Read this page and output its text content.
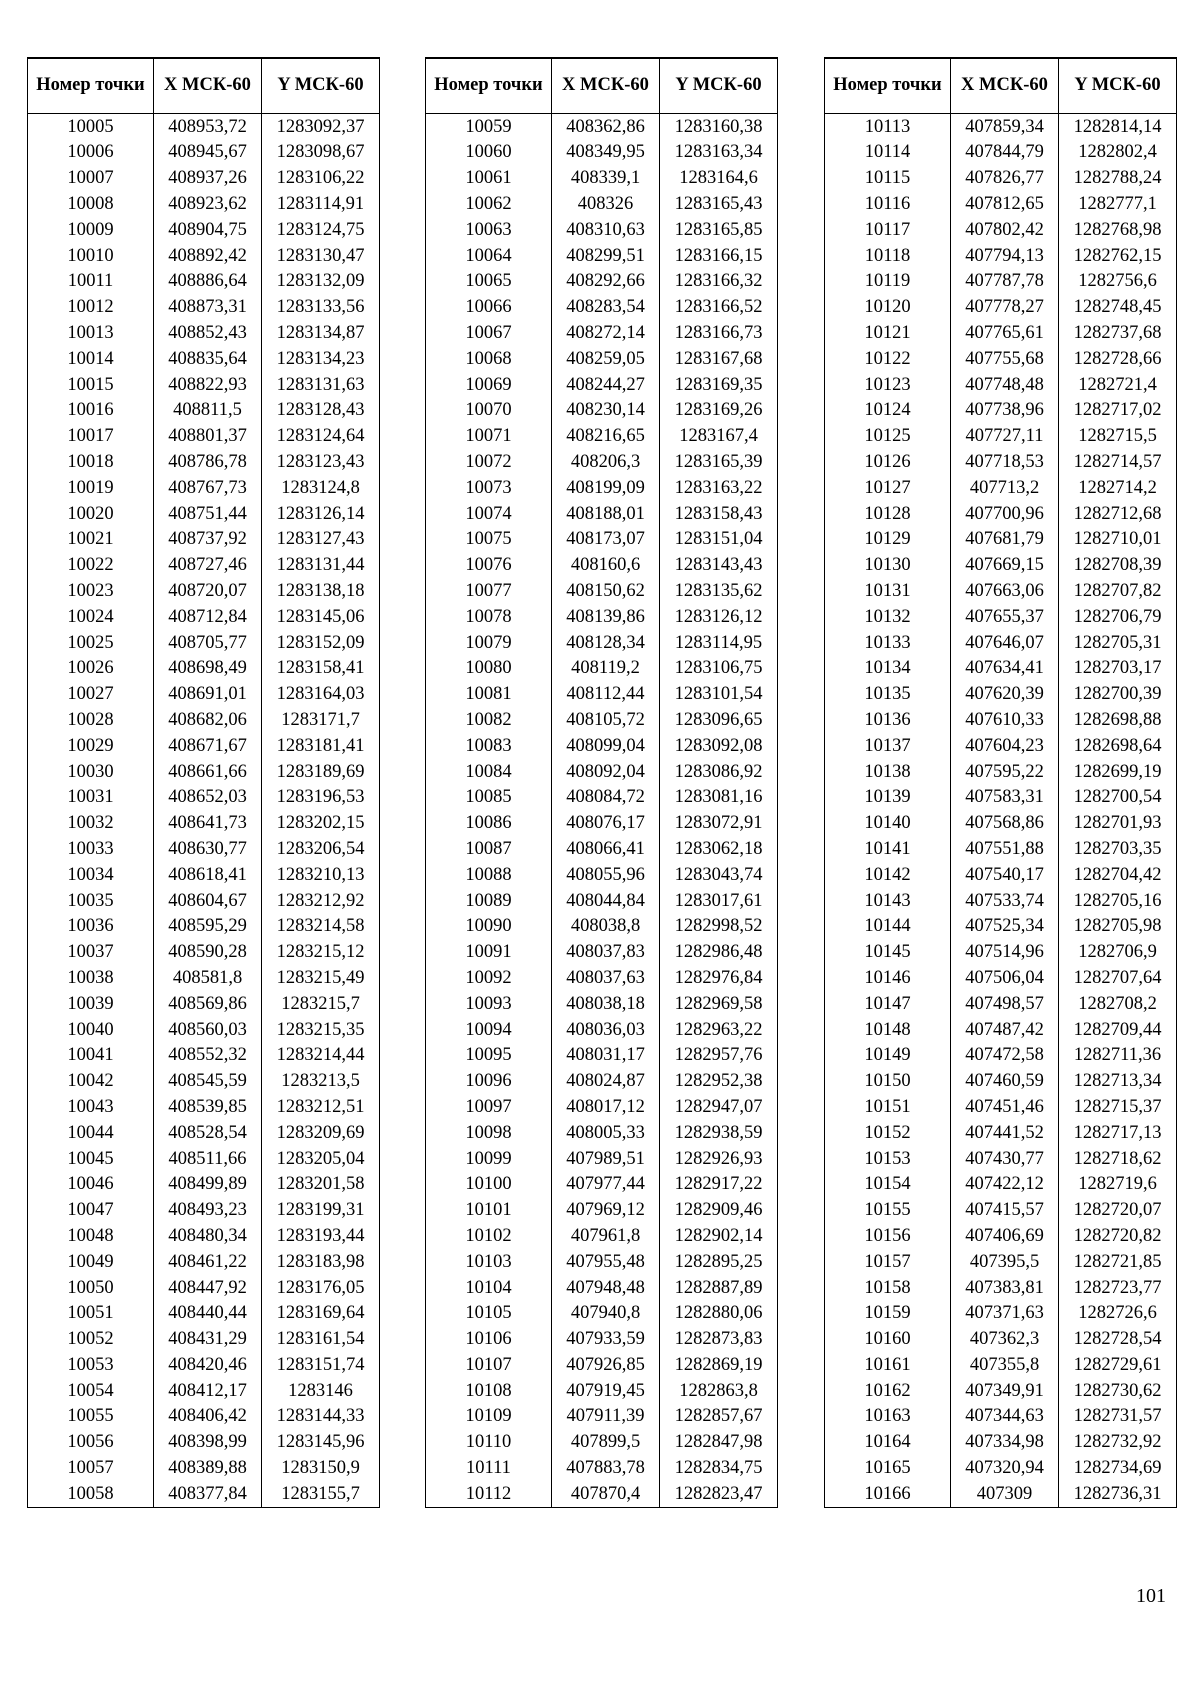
Номер точки	X МСК-60	Y МСК-60
10005	408953,72	1283092,37
10006	408945,67	1283098,67
10007	408937,26	1283106,22
10008	408923,62	1283114,91
10009	408904,75	1283124,75
10010	408892,42	1283130,47
10011	408886,64	1283132,09
10012	408873,31	1283133,56
10013	408852,43	1283134,87
10014	408835,64	1283134,23
10015	408822,93	1283131,63
10016	408811,5	1283128,43
10017	408801,37	1283124,64
10018	408786,78	1283123,43
10019	408767,73	1283124,8
10020	408751,44	1283126,14
10021	408737,92	1283127,43
10022	408727,46	1283131,44
10023	408720,07	1283138,18
10024	408712,84	1283145,06
10025	408705,77	1283152,09
10026	408698,49	1283158,41
10027	408691,01	1283164,03
10028	408682,06	1283171,7
10029	408671,67	1283181,41
10030	408661,66	1283189,69
10031	408652,03	1283196,53
10032	408641,73	1283202,15
10033	408630,77	1283206,54
10034	408618,41	1283210,13
10035	408604,67	1283212,92
10036	408595,29	1283214,58
10037	408590,28	1283215,12
10038	408581,8	1283215,49
10039	408569,86	1283215,7
10040	408560,03	1283215,35
10041	408552,32	1283214,44
10042	408545,59	1283213,5
10043	408539,85	1283212,51
10044	408528,54	1283209,69
10045	408511,66	1283205,04
10046	408499,89	1283201,58
10047	408493,23	1283199,31
10048	408480,34	1283193,44
10049	408461,22	1283183,98
10050	408447,92	1283176,05
10051	408440,44	1283169,64
10052	408431,29	1283161,54
10053	408420,46	1283151,74
10054	408412,17	1283146
10055	408406,42	1283144,33
10056	408398,99	1283145,96
10057	408389,88	1283150,9
10058	408377,84	1283155,7
Номер точки	X МСК-60	Y МСК-60
10059	408362,86	1283160,38
10060	408349,95	1283163,34
10061	408339,1	1283164,6
10062	408326	1283165,43
10063	408310,63	1283165,85
10064	408299,51	1283166,15
10065	408292,66	1283166,32
10066	408283,54	1283166,52
10067	408272,14	1283166,73
10068	408259,05	1283167,68
10069	408244,27	1283169,35
10070	408230,14	1283169,26
10071	408216,65	1283167,4
10072	408206,3	1283165,39
10073	408199,09	1283163,22
10074	408188,01	1283158,43
10075	408173,07	1283151,04
10076	408160,6	1283143,43
10077	408150,62	1283135,62
10078	408139,86	1283126,12
10079	408128,34	1283114,95
10080	408119,2	1283106,75
10081	408112,44	1283101,54
10082	408105,72	1283096,65
10083	408099,04	1283092,08
10084	408092,04	1283086,92
10085	408084,72	1283081,16
10086	408076,17	1283072,91
10087	408066,41	1283062,18
10088	408055,96	1283043,74
10089	408044,84	1283017,61
10090	408038,8	1282998,52
10091	408037,83	1282986,48
10092	408037,63	1282976,84
10093	408038,18	1282969,58
10094	408036,03	1282963,22
10095	408031,17	1282957,76
10096	408024,87	1282952,38
10097	408017,12	1282947,07
10098	408005,33	1282938,59
10099	407989,51	1282926,93
10100	407977,44	1282917,22
10101	407969,12	1282909,46
10102	407961,8	1282902,14
10103	407955,48	1282895,25
10104	407948,48	1282887,89
10105	407940,8	1282880,06
10106	407933,59	1282873,83
10107	407926,85	1282869,19
10108	407919,45	1282863,8
10109	407911,39	1282857,67
10110	407899,5	1282847,98
10111	407883,78	1282834,75
10112	407870,4	1282823,47
Номер точки	X МСК-60	Y МСК-60
10113	407859,34	1282814,14
10114	407844,79	1282802,4
10115	407826,77	1282788,24
10116	407812,65	1282777,1
10117	407802,42	1282768,98
10118	407794,13	1282762,15
10119	407787,78	1282756,6
10120	407778,27	1282748,45
10121	407765,61	1282737,68
10122	407755,68	1282728,66
10123	407748,48	1282721,4
10124	407738,96	1282717,02
10125	407727,11	1282715,5
10126	407718,53	1282714,57
10127	407713,2	1282714,2
10128	407700,96	1282712,68
10129	407681,79	1282710,01
10130	407669,15	1282708,39
10131	407663,06	1282707,82
10132	407655,37	1282706,79
10133	407646,07	1282705,31
10134	407634,41	1282703,17
10135	407620,39	1282700,39
10136	407610,33	1282698,88
10137	407604,23	1282698,64
10138	407595,22	1282699,19
10139	407583,31	1282700,54
10140	407568,86	1282701,93
10141	407551,88	1282703,35
10142	407540,17	1282704,42
10143	407533,74	1282705,16
10144	407525,34	1282705,98
10145	407514,96	1282706,9
10146	407506,04	1282707,64
10147	407498,57	1282708,2
10148	407487,42	1282709,44
10149	407472,58	1282711,36
10150	407460,59	1282713,34
10151	407451,46	1282715,37
10152	407441,52	1282717,13
10153	407430,77	1282718,62
10154	407422,12	1282719,6
10155	407415,57	1282720,07
10156	407406,69	1282720,82
10157	407395,5	1282721,85
10158	407383,81	1282723,77
10159	407371,63	1282726,6
10160	407362,3	1282728,54
10161	407355,8	1282729,61
10162	407349,91	1282730,62
10163	407344,63	1282731,57
10164	407334,98	1282732,92
10165	407320,94	1282734,69
10166	407309	1282736,31
101
